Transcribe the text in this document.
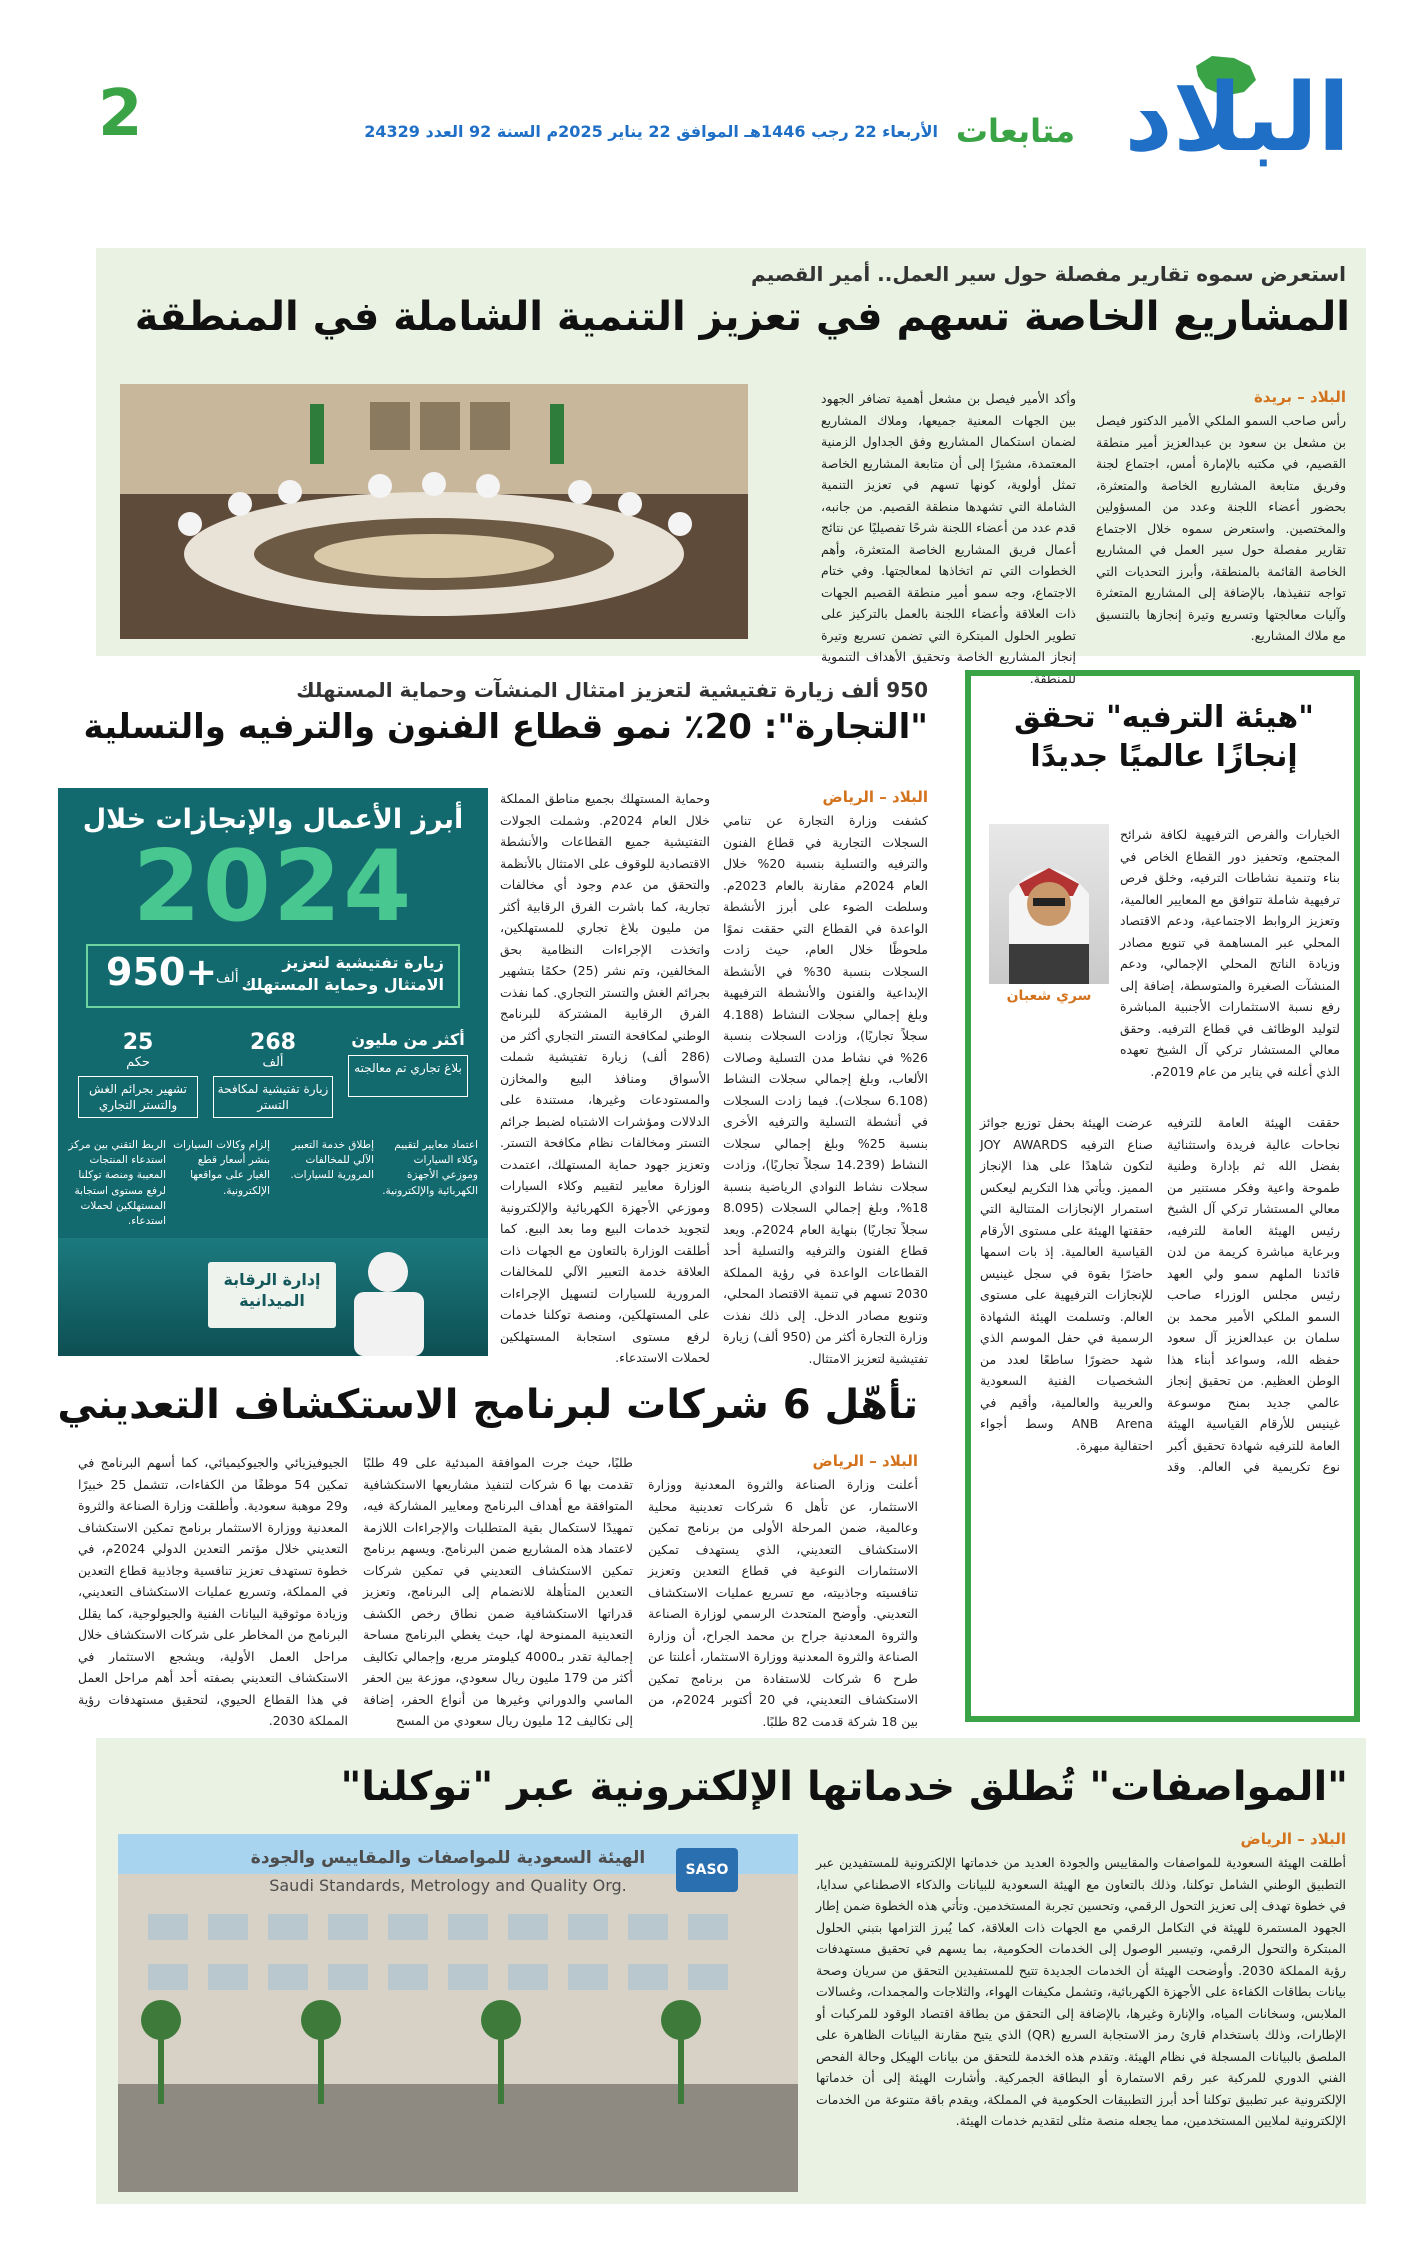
البلاد
متابعات
الأربعاء 22 رجب 1446هـ الموافق 22 يناير 2025م السنة 92 العدد 24329
2
استعرض سموه تقارير مفصلة حول سير العمل.. أمير القصيم
المشاريع الخاصة تسهم في تعزيز التنمية الشاملة في المنطقة
البلاد – بريدة
رأس صاحب السمو الملكي الأمير الدكتور فيصل بن مشعل بن سعود بن عبدالعزيز أمير منطقة القصيم، في مكتبه بالإمارة أمس، اجتماع لجنة وفريق متابعة المشاريع الخاصة والمتعثرة، بحضور أعضاء اللجنة وعدد من المسؤولين والمختصين. واستعرض سموه خلال الاجتماع تقارير مفصلة حول سير العمل في المشاريع الخاصة القائمة بالمنطقة، وأبرز التحديات التي تواجه تنفيذها، بالإضافة إلى المشاريع المتعثرة وآليات معالجتها وتسريع وتيرة إنجازها بالتنسيق مع ملاك المشاريع.
وأكد الأمير فيصل بن مشعل أهمية تضافر الجهود بين الجهات المعنية جميعها، وملاك المشاريع لضمان استكمال المشاريع وفق الجداول الزمنية المعتمدة، مشيرًا إلى أن متابعة المشاريع الخاصة تمثل أولوية، كونها تسهم في تعزيز التنمية الشاملة التي تشهدها منطقة القصيم. من جانبه، قدم عدد من أعضاء اللجنة شرحًا تفصيليًا عن نتائج أعمال فريق المشاريع الخاصة المتعثرة، وأهم الخطوات التي تم اتخاذها لمعالجتها. وفي ختام الاجتماع، وجه سمو أمير منطقة القصيم الجهات ذات العلاقة وأعضاء اللجنة بالعمل بالتركيز على تطوير الحلول المبتكرة التي تضمن تسريع وتيرة إنجاز المشاريع الخاصة وتحقيق الأهداف التنموية للمنطقة.
950 ألف زيارة تفتيشية لتعزيز امتثال المنشآت وحماية المستهلك
"التجارة": 20٪ نمو قطاع الفنون والترفيه والتسلية
البلاد – الرياض
كشفت وزارة التجارة عن تنامي السجلات التجارية في قطاع الفنون والترفيه والتسلية بنسبة 20% خلال العام 2024م مقارنة بالعام 2023م. وسلطت الضوء على أبرز الأنشطة الواعدة في القطاع التي حققت نموًا ملحوظًا خلال العام، حيث زادت السجلات بنسبة 30% في الأنشطة الإبداعية والفنون والأنشطة الترفيهية وبلغ إجمالي سجلات النشاط (4.188 سجلاً تجاريًا)، وزادت السجلات بنسبة 26% في نشاط مدن التسلية وصالات الألعاب، وبلغ إجمالي سجلات النشاط (6.108 سجلات). فيما زادت السجلات في أنشطة التسلية والترفيه الأخرى بنسبة 25% وبلغ إجمالي سجلات النشاط (14.239 سجلاً تجاريًا)، وزادت سجلات نشاط النوادي الرياضية بنسبة 18%، وبلغ إجمالي السجلات (8.095 سجلاً تجاريًا) بنهاية العام 2024م. ويعد قطاع الفنون والترفيه والتسلية أحد القطاعات الواعدة في رؤية المملكة 2030 تسهم في تنمية الاقتصاد المحلي، وتنويع مصادر الدخل. إلى ذلك نفذت وزارة التجارة أكثر من (950 ألف) زيارة تفتيشية لتعزيز الامتثال.
وحماية المستهلك بجميع مناطق المملكة خلال العام 2024م. وشملت الجولات التفتيشية جميع القطاعات والأنشطة الاقتصادية للوقوف على الامتثال بالأنظمة والتحقق من عدم وجود أي مخالفات تجارية، كما باشرت الفرق الرقابية أكثر من مليون بلاغ تجاري للمستهلكين، واتخذت الإجراءات النظامية بحق المخالفين، وتم نشر (25) حكمًا بتشهير بجرائم الغش والتستر التجاري. كما نفذت الفرق الرقابية المشتركة للبرنامج الوطني لمكافحة التستر التجاري أكثر من (286 ألف) زيارة تفتيشية شملت الأسواق ومنافذ البيع والمخازن والمستودعات وغيرها، مستندة على الدلالات ومؤشرات الاشتباه لضبط جرائم التستر ومخالفات نظام مكافحة التستر. وتعزيز جهود حماية المستهلك، اعتمدت الوزارة معايير لتقييم وكلاء السيارات وموزعي الأجهزة الكهربائية والإلكترونية لتجويد خدمات البيع وما بعد البيع. كما أطلقت الوزارة بالتعاون مع الجهات ذات العلاقة خدمة التعبير الآلي للمخالفات المرورية للسيارات لتسهيل الإجراءات على المستهلكين، ومنصة توكلنا خدمات لرفع مستوى استجابة المستهلكين لحملات الاستدعاء.
أبرز الأعمال والإنجازات خلال
2024
+950
ألف
زيارة تفتيشية لتعزيز الامتثال وحماية المستهلك
أكثر من مليون
بلاغ تجاري تم معالجته
268
ألف
زيارة تفتيشية لمكافحة التستر
25
حكم
تشهير بجرائم الغش والتستر التجاري
اعتماد معايير لتقييم وكلاء السيارات وموزعي الأجهزة الكهربائية والإلكترونية.
إطلاق خدمة التعبير الآلي للمخالفات المرورية للسيارات.
إلزام وكالات السيارات بنشر أسعار قطع الغيار على مواقعها الإلكترونية.
الربط التقني بين مركز استدعاء المنتجات المعيبة ومنصة توكلنا لرفع مستوى استجابة المستهلكين لحملات استدعاء.
إدارة الرقابة الميدانية
"هيئة الترفيه" تحقق إنجازًا عالميًا جديدًا
الخيارات والفرص الترفيهية لكافة شرائح المجتمع، وتحفيز دور القطاع الخاص في بناء وتنمية نشاطات الترفيه، وخلق فرص ترفيهية شاملة تتوافق مع المعايير العالمية، وتعزيز الروابط الاجتماعية، ودعم الاقتصاد المحلي عبر المساهمة في تنويع مصادر وزيادة الناتج المحلي الإجمالي، ودعم المنشآت الصغيرة والمتوسطة، إضافة إلى رفع نسبة الاستثمارات الأجنبية المباشرة لتوليد الوظائف في قطاع الترفيه. وحقق معالي المستشار تركي آل الشيخ تعهده الذي أعلنه في يناير من عام 2019م.
سري شعبان
حققت الهيئة العامة للترفيه نجاحات عالية فريدة واستثنائية بفضل الله ثم بإدارة وطنية طموحة واعية وفكر مستنير من معالي المستشار تركي آل الشيخ رئيس الهيئة العامة للترفيه، وبرعاية مباشرة كريمة من لدن قائدنا الملهم سمو ولي العهد رئيس مجلس الوزراء صاحب السمو الملكي الأمير محمد بن سلمان بن عبدالعزيز آل سعود حفظه الله، وسواعد أبناء هذا الوطن العظيم. من تحقيق إنجاز عالمي جديد بمنح موسوعة غينيس للأرقام القياسية الهيئة العامة للترفيه شهادة تحقيق أكبر نوع تكريمية في العالم. وقد عرضت الهيئة بحفل توزيع جوائز صناع الترفيه JOY AWARDS لتكون شاهدًا على هذا الإنجاز المميز. ويأتي هذا التكريم ليعكس استمرار الإنجازات المتتالية التي حققتها الهيئة على مستوى الأرقام القياسية العالمية. إذ بات اسمها حاضرًا بقوة في سجل غينيس للإنجازات الترفيهية على مستوى العالم. وتسلمت الهيئة الشهادة الرسمية في حفل الموسم الذي شهد حضورًا ساطعًا لعدد من الشخصيات الفنية السعودية والعربية والعالمية، وأقيم في ANB Arena وسط أجواء احتفالية مبهرة.
تأهّل 6 شركات لبرنامج الاستكشاف التعديني
البلاد – الرياض
أعلنت وزارة الصناعة والثروة المعدنية ووزارة الاستثمار، عن تأهل 6 شركات تعدينية محلية وعالمية، ضمن المرحلة الأولى من برنامج تمكين الاستكشاف التعديني، الذي يستهدف تمكين الاستثمارات النوعية في قطاع التعدين وتعزيز تنافسيته وجاذبيته، مع تسريع عمليات الاستكشاف التعديني. وأوضح المتحدث الرسمي لوزارة الصناعة والثروة المعدنية جراح بن محمد الجراح، أن وزارة الصناعة والثروة المعدنية ووزارة الاستثمار، أعلنتا عن طرح 6 شركات للاستفادة من برنامج تمكين الاستكشاف التعديني، في 20 أكتوبر 2024م، من بين 18 شركة قدمت 82 طلبًا.
طلبًا، حيث جرت الموافقة المبدئية على 49 طلبًا تقدمت بها 6 شركات لتنفيذ مشاريعها الاستكشافية المتوافقة مع أهداف البرنامج ومعايير المشاركة فيه، تمهيدًا لاستكمال بقية المتطلبات والإجراءات اللازمة لاعتماد هذه المشاريع ضمن البرنامج. ويسهم برنامج تمكين الاستكشاف التعديني في تمكين شركات التعدين المتأهلة للانضمام إلى البرنامج، وتعزيز قدراتها الاستكشافية ضمن نطاق رخص الكشف التعدينية الممنوحة لها، حيث يغطي البرنامج مساحة إجمالية تقدر بـ4000 كيلومتر مربع، وإجمالي تكاليف أكثر من 179 مليون ريال سعودي، موزعة بين الحفر الماسي والدوراني وغيرها من أنواع الحفر، إضافة إلى تكاليف 12 مليون ريال سعودي من المسح
الجيوفيزيائي والجيوكيميائي، كما أسهم البرنامج في تمكين 54 موظفًا من الكفاءات، تتشمل 25 خبيرًا و29 موهبة سعودية. وأطلقت وزارة الصناعة والثروة المعدنية ووزارة الاستثمار برنامج تمكين الاستكشاف التعديني خلال مؤتمر التعدين الدولي 2024م، في خطوة تستهدف تعزيز تنافسية وجاذبية قطاع التعدين في المملكة، وتسريع عمليات الاستكشاف التعديني، وزيادة موثوقية البيانات الفنية والجيولوجية، كما يقلل البرنامج من المخاطر على شركات الاستكشاف خلال مراحل العمل الأولية، ويشجع الاستثمار في الاستكشاف التعديني بصفته أحد أهم مراحل العمل في هذا القطاع الحيوي، لتحقيق مستهدفات رؤية المملكة 2030.
"المواصفات" تُطلق خدماتها الإلكترونية عبر "توكلنا"
البلاد – الرياض
أطلقت الهيئة السعودية للمواصفات والمقاييس والجودة العديد من خدماتها الإلكترونية للمستفيدين عبر التطبيق الوطني الشامل توكلنا، وذلك بالتعاون مع الهيئة السعودية للبيانات والذكاء الاصطناعي سدايا، في خطوة تهدف إلى تعزيز التحول الرقمي، وتحسين تجربة المستخدمين. وتأتي هذه الخطوة ضمن إطار الجهود المستمرة للهيئة في التكامل الرقمي مع الجهات ذات العلاقة، كما يُبرز التزامها بتبني الحلول المبتكرة والتحول الرقمي، وتيسير الوصول إلى الخدمات الحكومية، بما يسهم في تحقيق مستهدفات رؤية المملكة 2030. وأوضحت الهيئة أن الخدمات الجديدة تتيح للمستفيدين التحقق من سريان وصحة بيانات بطاقات الكفاءة على الأجهزة الكهربائية، وتشمل مكيفات الهواء، والثلاجات والمجمدات، وغسالات الملابس، وسخانات المياه، والإنارة وغيرها، بالإضافة إلى التحقق من بطاقة اقتصاد الوقود للمركبات أو الإطارات، وذلك باستخدام قارئ رمز الاستجابة السريع (QR) الذي يتيح مقارنة البيانات الظاهرة على الملصق بالبيانات المسجلة في نظام الهيئة. وتقدم هذه الخدمة للتحقق من بيانات الهيكل وحالة الفحص الفني الدوري للمركبة عبر رقم الاستمارة أو البطاقة الجمركية. وأشارت الهيئة إلى أن خدماتها الإلكترونية عبر تطبيق توكلنا أحد أبرز التطبيقات الحكومية في المملكة، ويقدم باقة متنوعة من الخدمات الإلكترونية لملايين المستخدمين، مما يجعله منصة مثلى لتقديم خدمات الهيئة.
الهيئة السعودية للمواصفات والمقاييس والجودة
Saudi Standards, Metrology and Quality Org.
SASO
